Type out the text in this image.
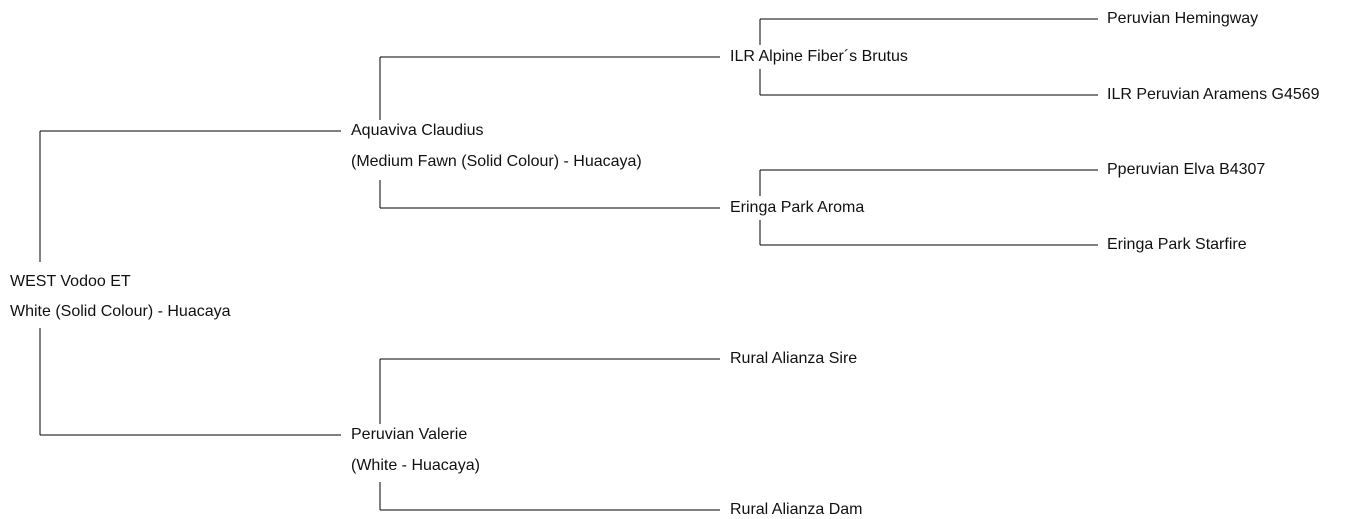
WEST Vodoo ET
White (Solid Colour) - Huacaya
Aquaviva Claudius
(Medium Fawn (Solid Colour) - Huacaya)
Peruvian Valerie
(White - Huacaya)
ILR Alpine Fiber´s Brutus
Eringa Park Aroma
Rural Alianza Sire
Rural Alianza Dam
Peruvian Hemingway
ILR Peruvian Aramens G4569
Pperuvian Elva B4307
Eringa Park Starfire
